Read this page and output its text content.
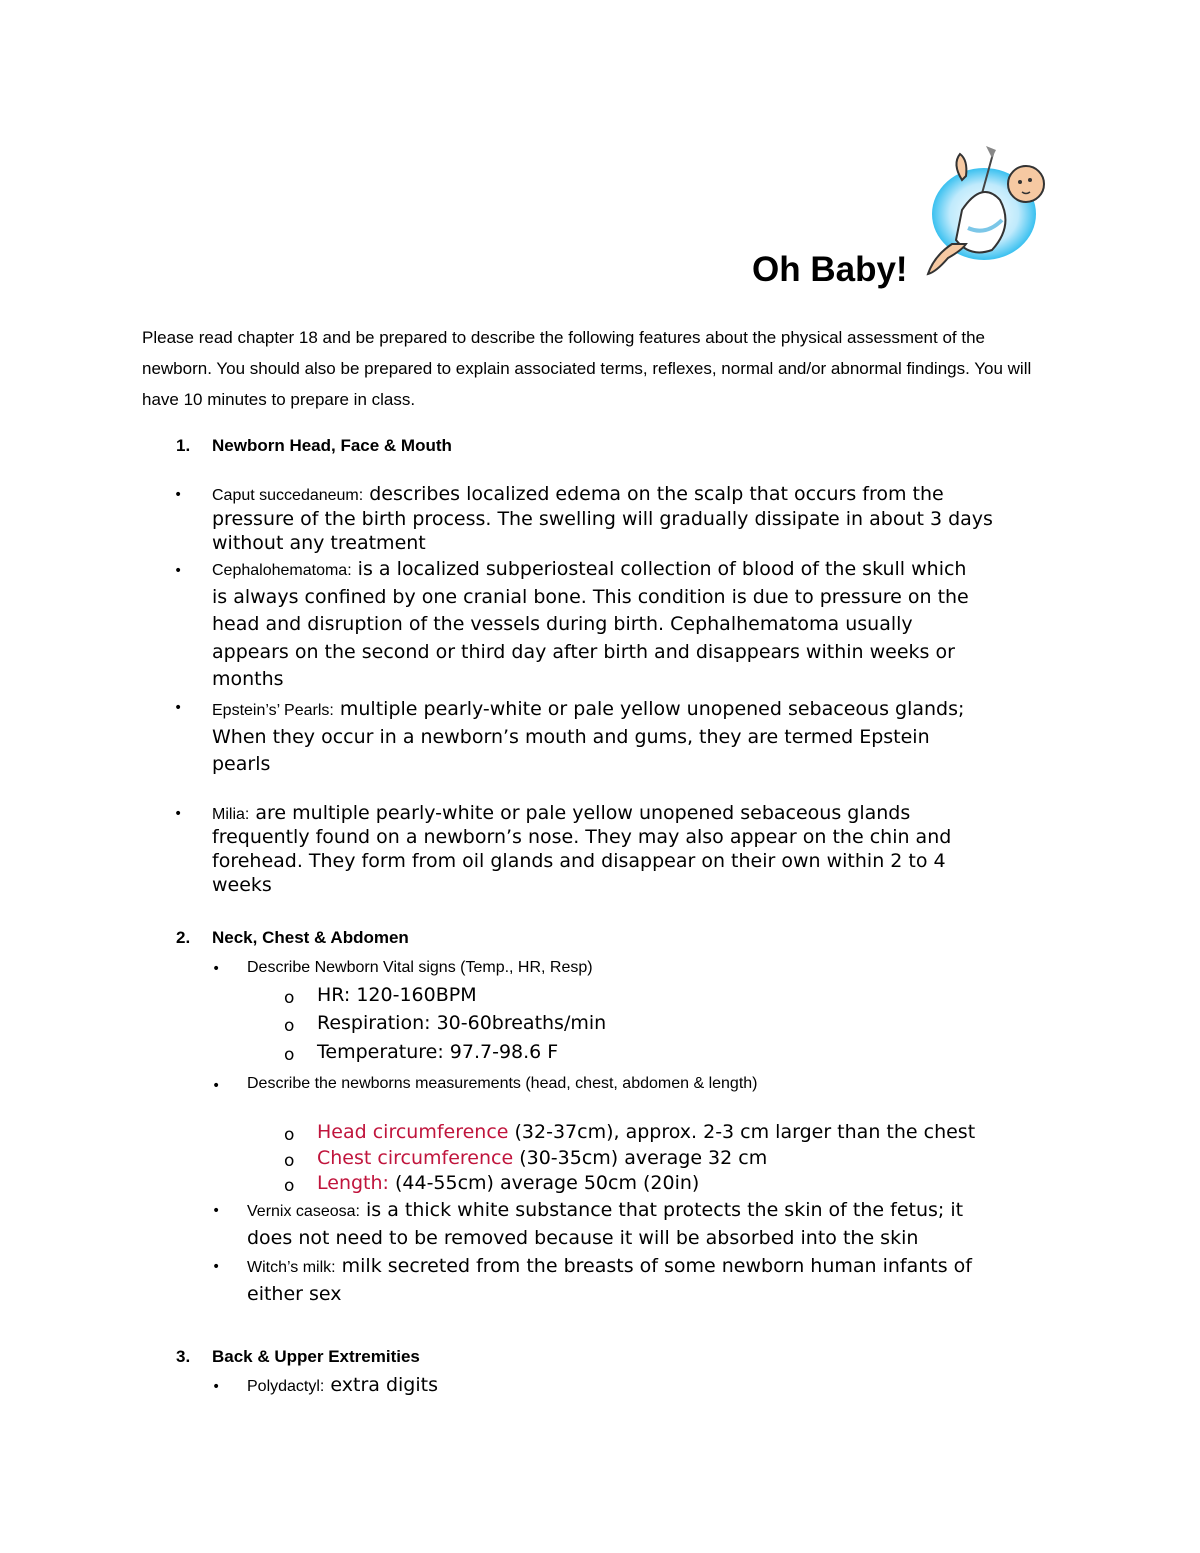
Oh Baby!
Please read chapter 18 and be prepared to describe the following features about the physical assessment of the newborn. You should also be prepared to explain associated terms, reflexes, normal and/or abnormal findings. You will have 10 minutes to prepare in class.
1. Newborn Head, Face & Mouth
• Caput succedaneum: describes localized edema on the scalp that occurs from the
pressure of the birth process. The swelling will gradually dissipate in about 3 days
without any treatment
• Cephalohematoma: is a localized subperiosteal collection of blood of the skull which
is always confined by one cranial bone. This condition is due to pressure on the
head and disruption of the vessels during birth. Cephalhematoma usually
appears on the second or third day after birth and disappears within weeks or
months
• Epstein’s’ Pearls: multiple pearly-white or pale yellow unopened sebaceous glands;
When they occur in a newborn’s mouth and gums, they are termed Epstein
pearls
• Milia: are multiple pearly-white or pale yellow unopened sebaceous glands
frequently found on a newborn’s nose. They may also appear on the chin and
forehead. They form from oil glands and disappear on their own within 2 to 4
weeks
2. Neck, Chest & Abdomen
• Describe Newborn Vital signs (Temp., HR, Resp)
o HR: 120-160BPM
o Respiration: 30-60breaths/min
o Temperature: 97.7-98.6 F
• Describe the newborns measurements (head, chest, abdomen & length)
o Head circumference (32-37cm), approx. 2-3 cm larger than the chest
o Chest circumference (30-35cm) average 32 cm
o Length: (44-55cm) average 50cm (20in)
• Vernix caseosa: is a thick white substance that protects the skin of the fetus; it
does not need to be removed because it will be absorbed into the skin
• Witch’s milk: milk secreted from the breasts of some newborn human infants of
either sex
3. Back & Upper Extremities
• Polydactyl: extra digits
